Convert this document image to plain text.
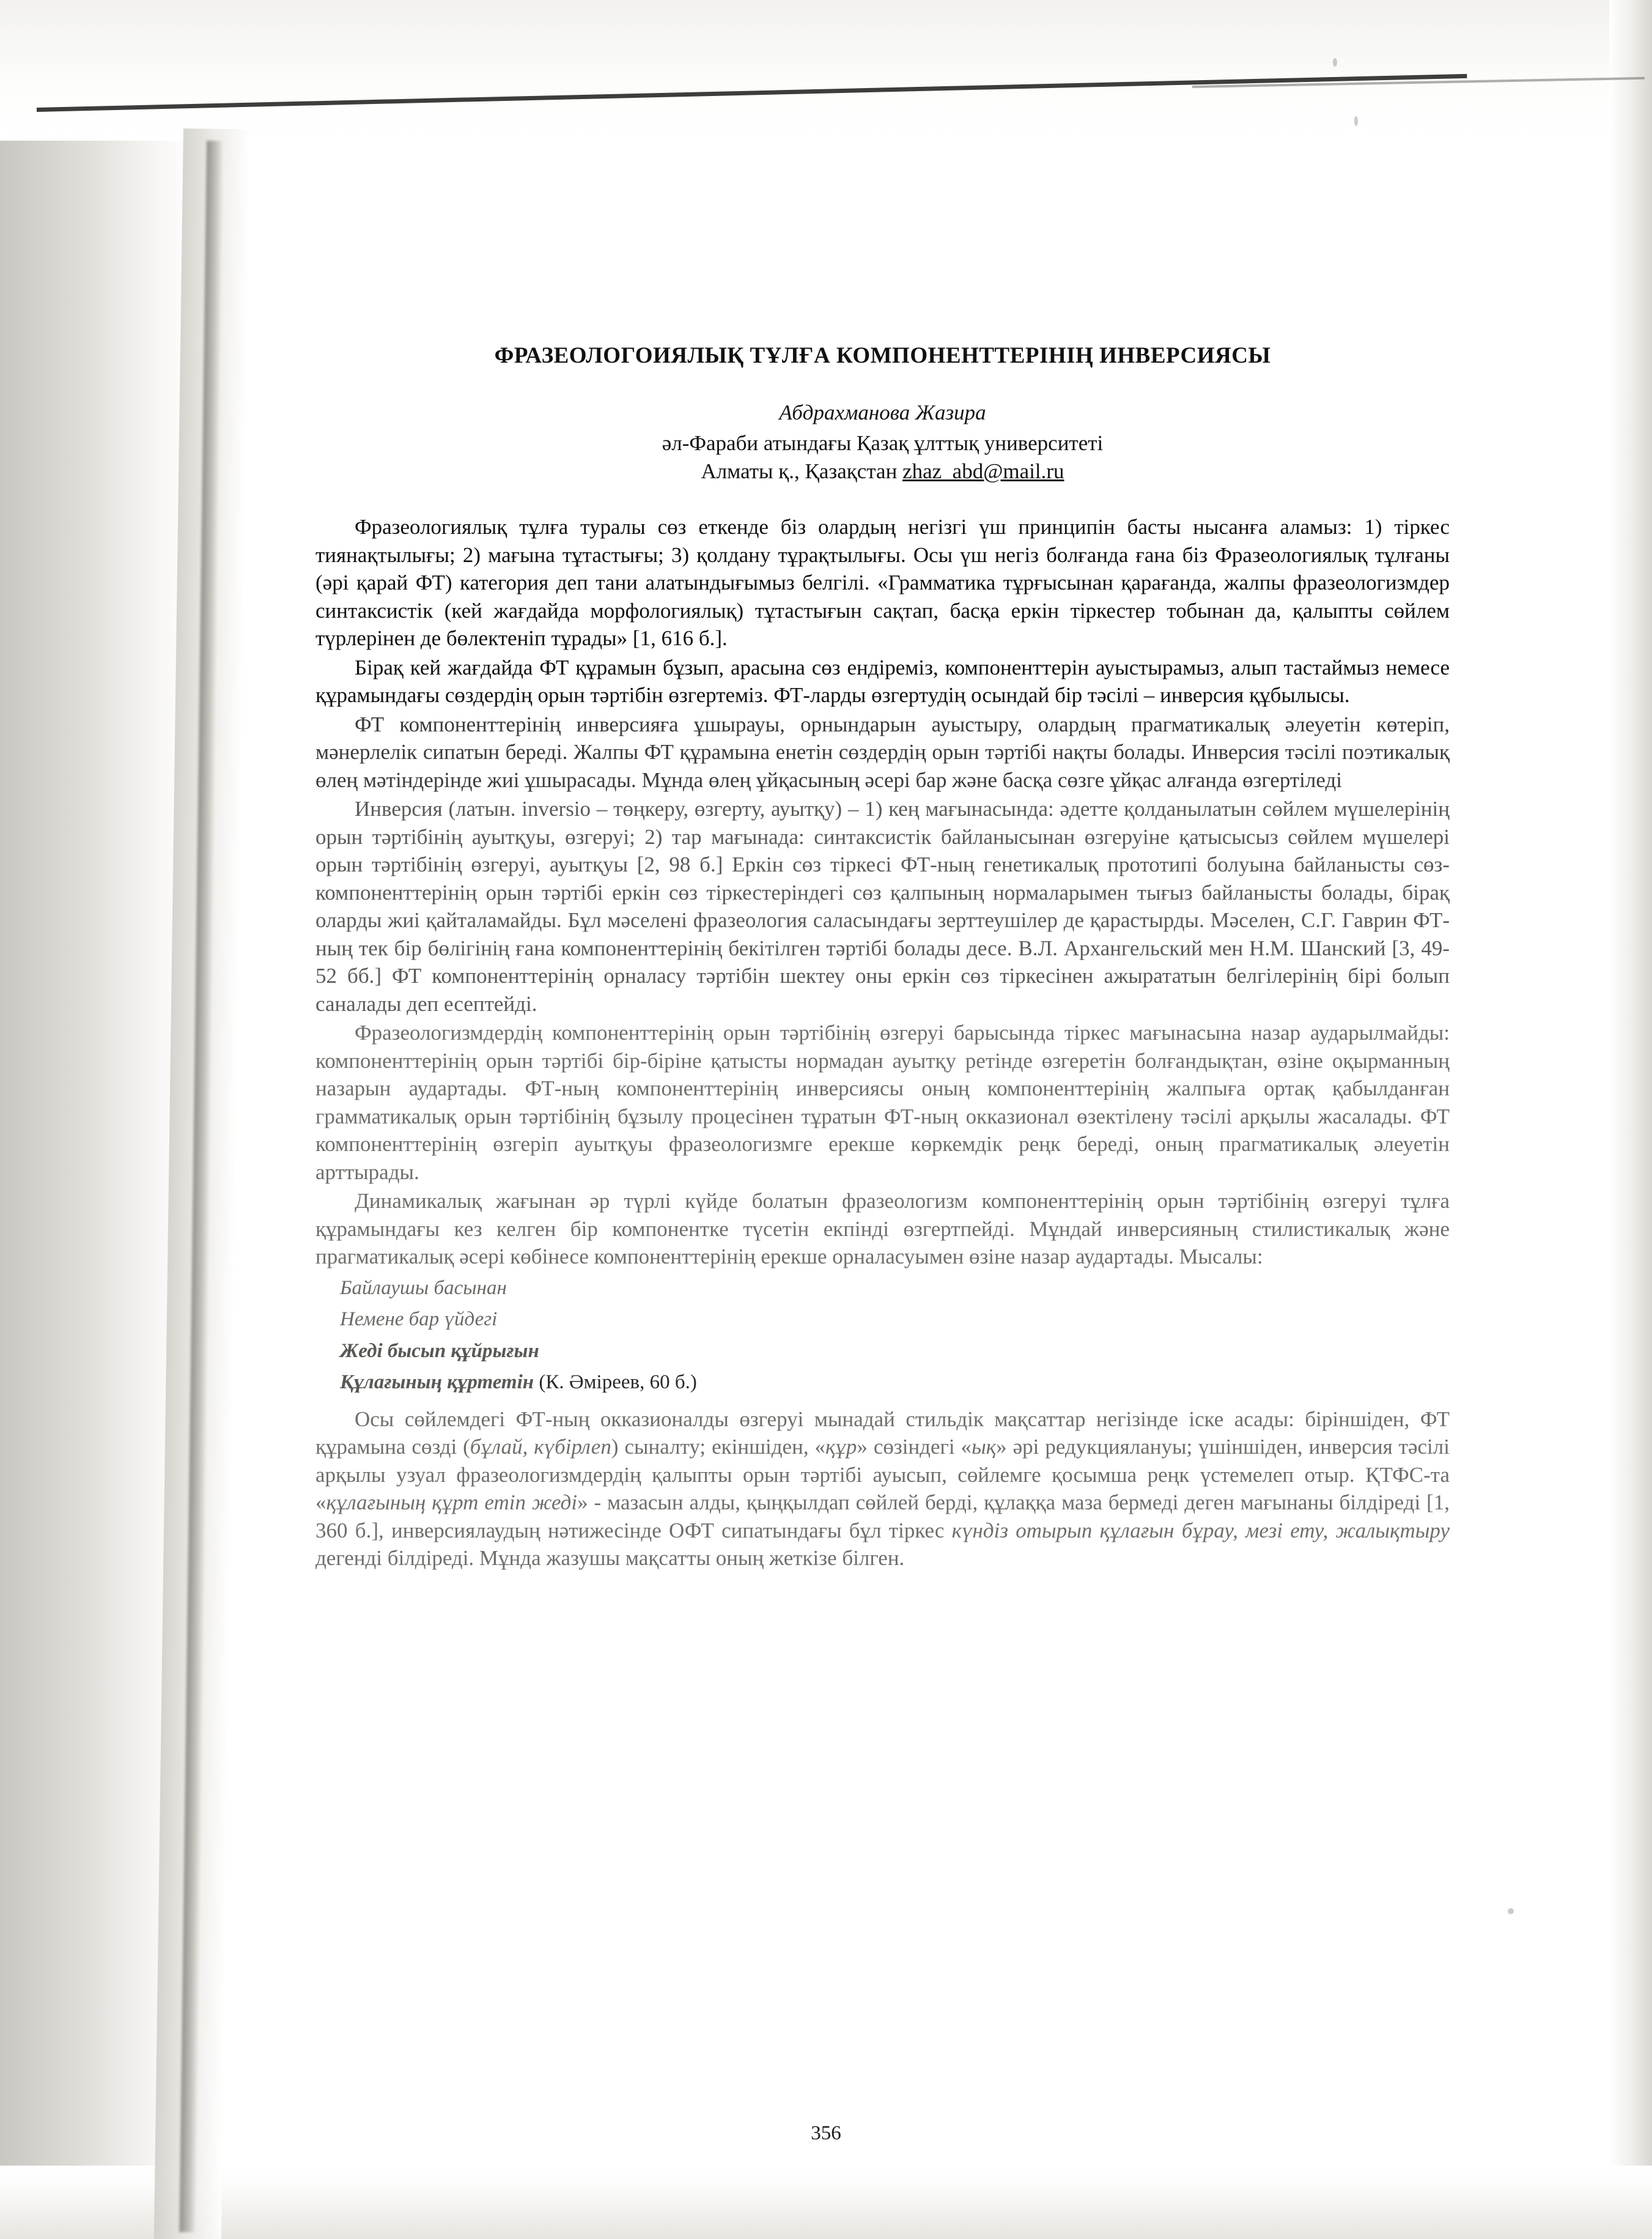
ФРАЗЕОЛОГОИЯЛЫҚ ТҰЛҒА КОМПОНЕНТТЕРІНІҢ ИНВЕРСИЯСЫ
Абдрахманова Жазира
әл-Фараби атындағы Қазақ ұлттық университеті
Алматы қ., Қазақстан zhaz_abd@mail.ru

Фразеологиялық тұлға туралы сөз еткенде біз олардың негізгі үш принципін басты нысанға аламыз: 1) тіркес тиянақтылығы; 2) мағына тұтастығы; 3) қолдану тұрақтылығы. Осы үш негіз болғанда ғана біз Фразеологиялық тұлғаны (әрі қарай ФТ) категория деп тани алатындығымыз белгілі. «Грамматика тұрғысынан қарағанда, жалпы фразеологизмдер синтаксистік (кей жағдайда морфологиялық) тұтастығын сақтап, басқа еркін тіркестер тобынан да, қалыпты сөйлем түрлерінен де бөлектеніп тұрады» [1, 616 б.].

Бірақ кей жағдайда ФТ құрамын бұзып, арасына сөз ендіреміз, компоненттерін ауыстырамыз, алып тастаймыз немесе құрамындағы сөздердің орын тәртібін өзгертеміз. ФТ-ларды өзгертудің осындай бір тәсілі – инверсия құбылысы.

ФТ компоненттерінің инверсияға ұшырауы, орнындарын ауыстыру, олардың прагматикалық әлеуетін көтеріп, мәнерлелік сипатын береді. Жалпы ФТ құрамына енетін сөздердің орын тәртібі нақты болады. Инверсия тәсілі поэтикалық өлең мәтіндерінде жиі ұшырасады. Мұнда өлең ұйқасының әсері бар және басқа сөзге ұйқас алғанда өзгертіледі

Инверсия (латын. inversio – төңкеру, өзгерту, ауытқу) – 1) кең мағынасында: әдетте қолданылатын сөйлем мүшелерінің орын тәртібінің ауытқуы, өзгеруі; 2) тар мағынада: синтаксистік байланысынан өзгеруіне қатысысыз сөйлем мүшелері орын тәртібінің өзгеруі, ауытқуы [2, 98 б.] Еркін сөз тіркесі ФТ-ның генетикалық прототипі болуына байланысты сөз-компоненттерінің орын тәртібі еркін сөз тіркестеріндегі сөз қалпының нормаларымен тығыз байланысты болады, бірақ оларды жиі қайталамайды. Бұл мәселені фразеология саласындағы зерттеушілер де қарастырды. Мәселен, С.Г. Гаврин ФТ-ның тек бір бөлігінің ғана компоненттерінің бекітілген тәртібі болады десе. В.Л. Архангельский мен Н.М. Шанский [3, 49-52 бб.] ФТ компоненттерінің орналасу тәртібін шектеу оны еркін сөз тіркесінен ажырататын белгілерінің бірі болып саналады деп есептейді.

Фразеологизмдердің компоненттерінің орын тәртібінің өзгеруі барысында тіркес мағынасына назар аударылмайды: компоненттерінің орын тәртібі бір-біріне қатысты нормадан ауытқу ретінде өзгеретін болғандықтан, өзіне оқырманның назарын аудартады. ФТ-ның компоненттерінің инверсиясы оның компоненттерінің жалпыға ортақ қабылданған грамматикалық орын тәртібінің бұзылу процесінен тұратын ФТ-ның окказионал өзектілену тәсілі арқылы жасалады. ФТ компоненттерінің өзгеріп ауытқуы фразеологизмге ерекше көркемдік реңк береді, оның прагматикалық әлеуетін арттырады.

Динамикалық жағынан әр түрлі күйде болатын фразеологизм компоненттерінің орын тәртібінің өзгеруі тұлға құрамындағы кез келген бір компонентке түсетін екпінді өзгертпейді. Мұндай инверсияның стилистикалық және прагматикалық әсері көбінесе компоненттерінің ерекше орналасуымен өзіне назар аудартады. Мысалы:

Байлаушы басынан
Немене бар үйдегі
Жеді бысып құйрығын
Құлағының құртетін (К. Әміреев, 60 б.)

Осы сөйлемдегі ФТ-ның окказионалды өзгеруі мынадай стильдік мақсаттар негізінде іске асады: біріншіден, ФТ құрамына сөзді (бұлай, күбірлеп) сыналту; екіншіден, «құр» сөзіндегі «ық» әрі редукциялануы; үшіншіден, инверсия тәсілі арқылы узуал фразеологизмдердің қалыпты орын тәртібі ауысып, сөйлемге қосымша реңк үстемелеп отыр. ҚТФС-та «құлағының құрт етіп жеді» - мазасын алды, қыңқылдап сөйлей берді, құлаққа маза бермеді деген мағынаны білдіреді [1, 360 б.], инверсиялаудың нәтижесінде ОФТ сипатындағы бұл тіркес күндіз отырып құлағын бұрау, мезі ету, жалықтыру дегенді білдіреді. Мұнда жазушы мақсатты оның жеткізе білген.

356
